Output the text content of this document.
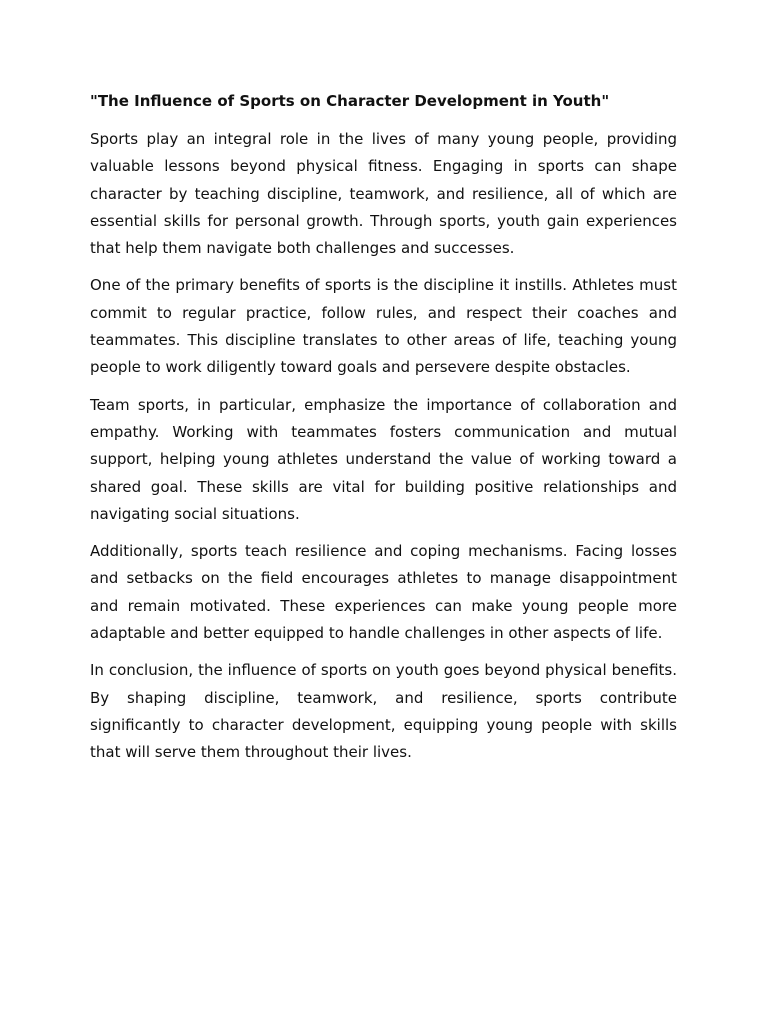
"The Influence of Sports on Character Development in Youth"

Sports play an integral role in the lives of many young people, providing valuable lessons beyond physical fitness. Engaging in sports can shape character by teaching discipline, teamwork, and resilience, all of which are essential skills for personal growth. Through sports, youth gain experiences that help them navigate both challenges and successes.

One of the primary benefits of sports is the discipline it instills. Athletes must commit to regular practice, follow rules, and respect their coaches and teammates. This discipline translates to other areas of life, teaching young people to work diligently toward goals and persevere despite obstacles.

Team sports, in particular, emphasize the importance of collaboration and empathy. Working with teammates fosters communication and mutual support, helping young athletes understand the value of working toward a shared goal. These skills are vital for building positive relationships and navigating social situations.

Additionally, sports teach resilience and coping mechanisms. Facing losses and setbacks on the field encourages athletes to manage disappointment and remain motivated. These experiences can make young people more adaptable and better equipped to handle challenges in other aspects of life.

In conclusion, the influence of sports on youth goes beyond physical benefits. By shaping discipline, teamwork, and resilience, sports contribute significantly to character development, equipping young people with skills that will serve them throughout their lives.
